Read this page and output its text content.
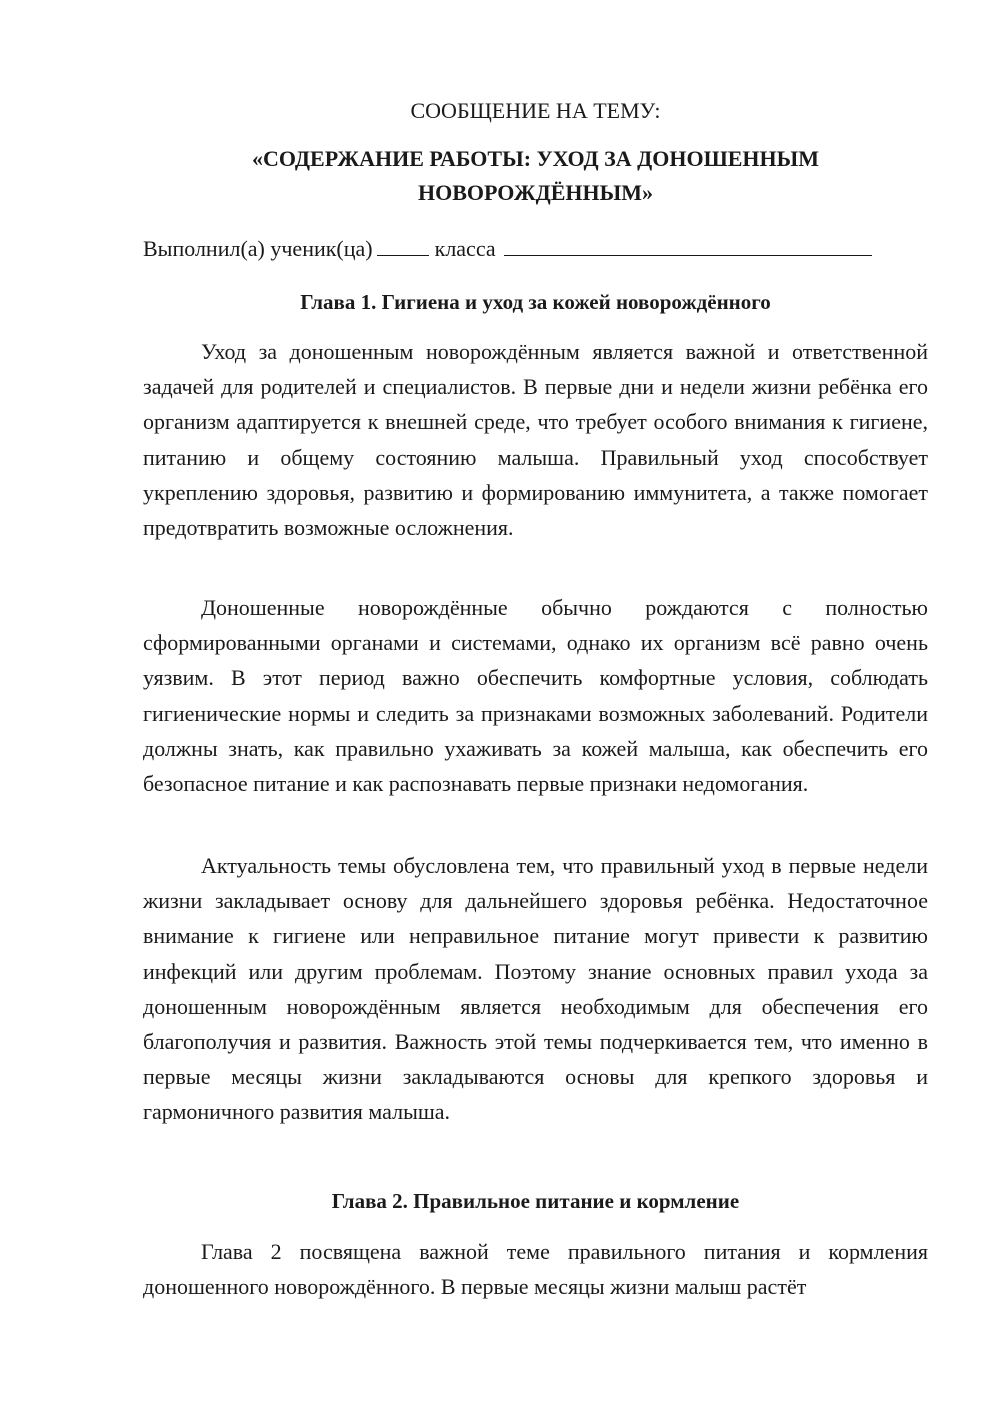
СООБЩЕНИЕ НА ТЕМУ:

«СОДЕРЖАНИЕ РАБОТЫ: УХОД ЗА ДОНОШЕННЫМ НОВОРОЖДЁННЫМ»

Выполнил(а) ученик(ца)	класса
Глава 1. Гигиена и уход за кожей новорождённого

Уход за доношенным новорождённым является важной и ответственной задачей для родителей и специалистов. В первые дни и недели жизни ребёнка его организм адаптируется к внешней среде, что требует особого внимания к гигиене, питанию и общему состоянию малыша. Правильный уход способствует укреплению здоровья, развитию и формированию иммунитета, а также помогает предотвратить возможные осложнения.

Доношенные новорождённые обычно рождаются с полностью сформированными органами и системами, однако их организм всё равно очень уязвим. В этот период важно обеспечить комфортные условия, соблюдать гигиенические нормы и следить за признаками возможных заболеваний. Родители должны знать, как правильно ухаживать за кожей малыша, как обеспечить его безопасное питание и как распознавать первые признаки недомогания.

Актуальность темы обусловлена тем, что правильный уход в первые недели жизни закладывает основу для дальнейшего здоровья ребёнка. Недостаточное внимание к гигиене или неправильное питание могут привести к развитию инфекций или другим проблемам. Поэтому знание основных правил ухода за доношенным новорождённым является необходимым для обеспечения его благополучия и развития. Важность этой темы подчеркивается тем, что именно в первые месяцы жизни закладываются основы для крепкого здоровья и гармоничного развития малыша.

Глава 2. Правильное питание и кормление

Глава 2 посвящена важной теме правильного питания и кормления доношенного новорождённого. В первые месяцы жизни малыш растёт
